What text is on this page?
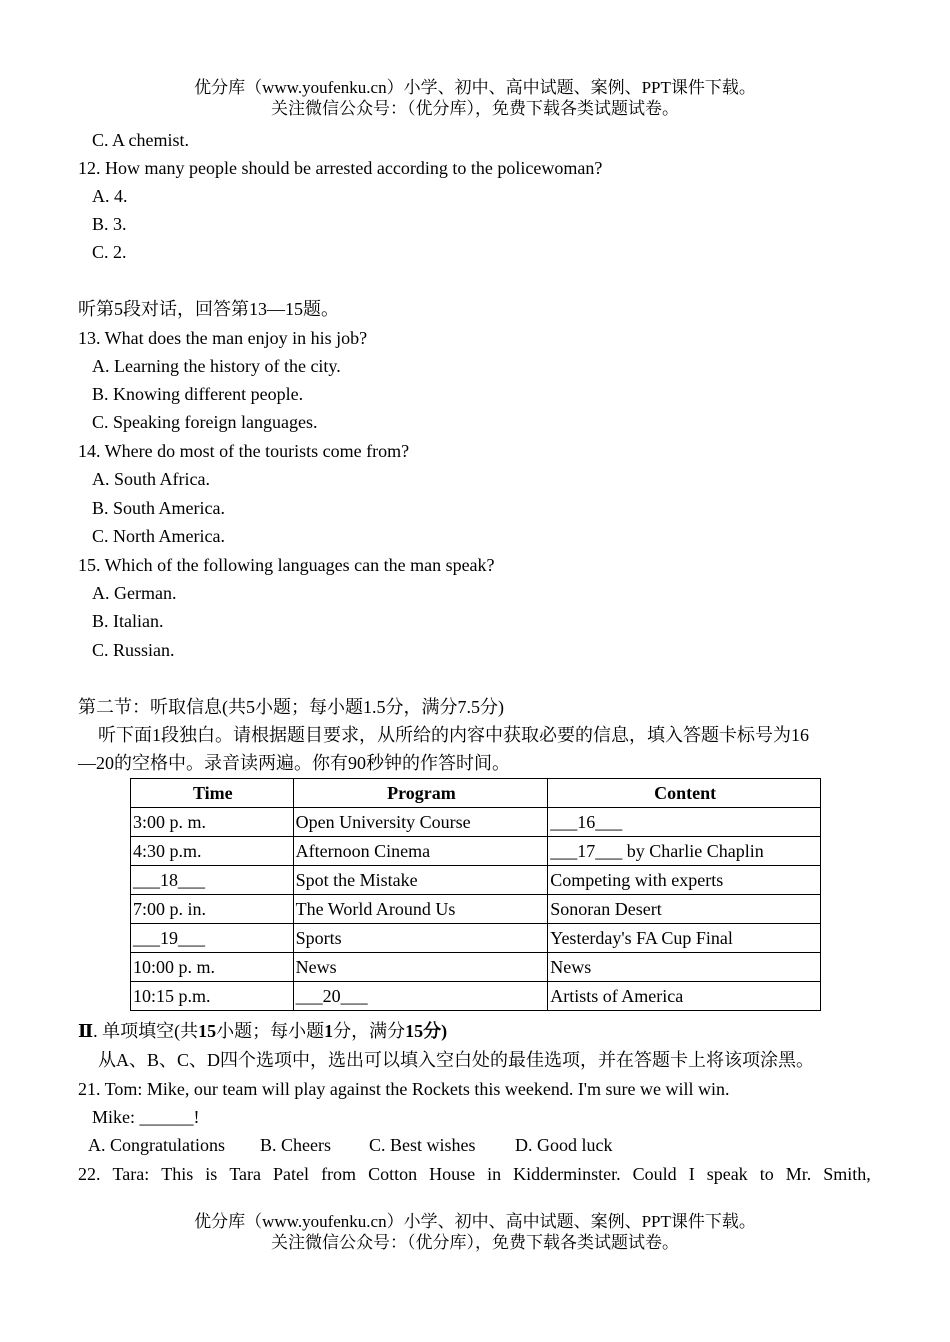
优分库（www.youfenku.cn）小学、初中、高中试题、案例、PPT课件下载。
关注微信公众号：（优分库），免费下载各类试题试卷。
C. A chemist.
12. How many people should be arrested according to the policewoman?
A. 4.
B. 3.
C. 2.
听第5段对话，回答第13—15题。
13. What does the man enjoy in his job?
A. Learning the history of the city.
B. Knowing different people.
C. Speaking foreign languages.
14. Where do most of the tourists come from?
A. South Africa.
B. South America.
C. North America.
15. Which of the following languages can the man speak?
A. German.
B. Italian.
C. Russian.
第二节：听取信息(共5小题；每小题1.5分，满分7.5分)
听下面1段独白。请根据题目要求，从所给的内容中获取必要的信息，填入答题卡标号为16
—20的空格中。录音读两遍。你有90秒钟的作答时间。
Time	Program	Content
3:00 p. m.	Open University Course	___16___
4:30 p.m.	Afternoon Cinema	___17___ by Charlie Chaplin
___18___	Spot the Mistake	Competing with experts
7:00 p. in.	The World Around Us	Sonoran Desert
___19___	Sports	Yesterday's FA Cup Final
10:00 p. m.	News	News
10:15 p.m.	___20___	Artists of America
Ⅱ. 单项填空(共15小题；每小题1分，满分15分)
从A、B、C、D四个选项中，选出可以填入空白处的最佳选项，并在答题卡上将该项涂黑。
21. Tom: Mike, our team will play against the Rockets this weekend. I'm sure we will win.
Mike: ______!
A. Congratulations B. Cheers C. Best wishes D. Good luck
22. Tara: This is Tara Patel from Cotton House in Kidderminster. Could I speak to Mr. Smith,
优分库（www.youfenku.cn）小学、初中、高中试题、案例、PPT课件下载。
关注微信公众号：（优分库），免费下载各类试题试卷。
